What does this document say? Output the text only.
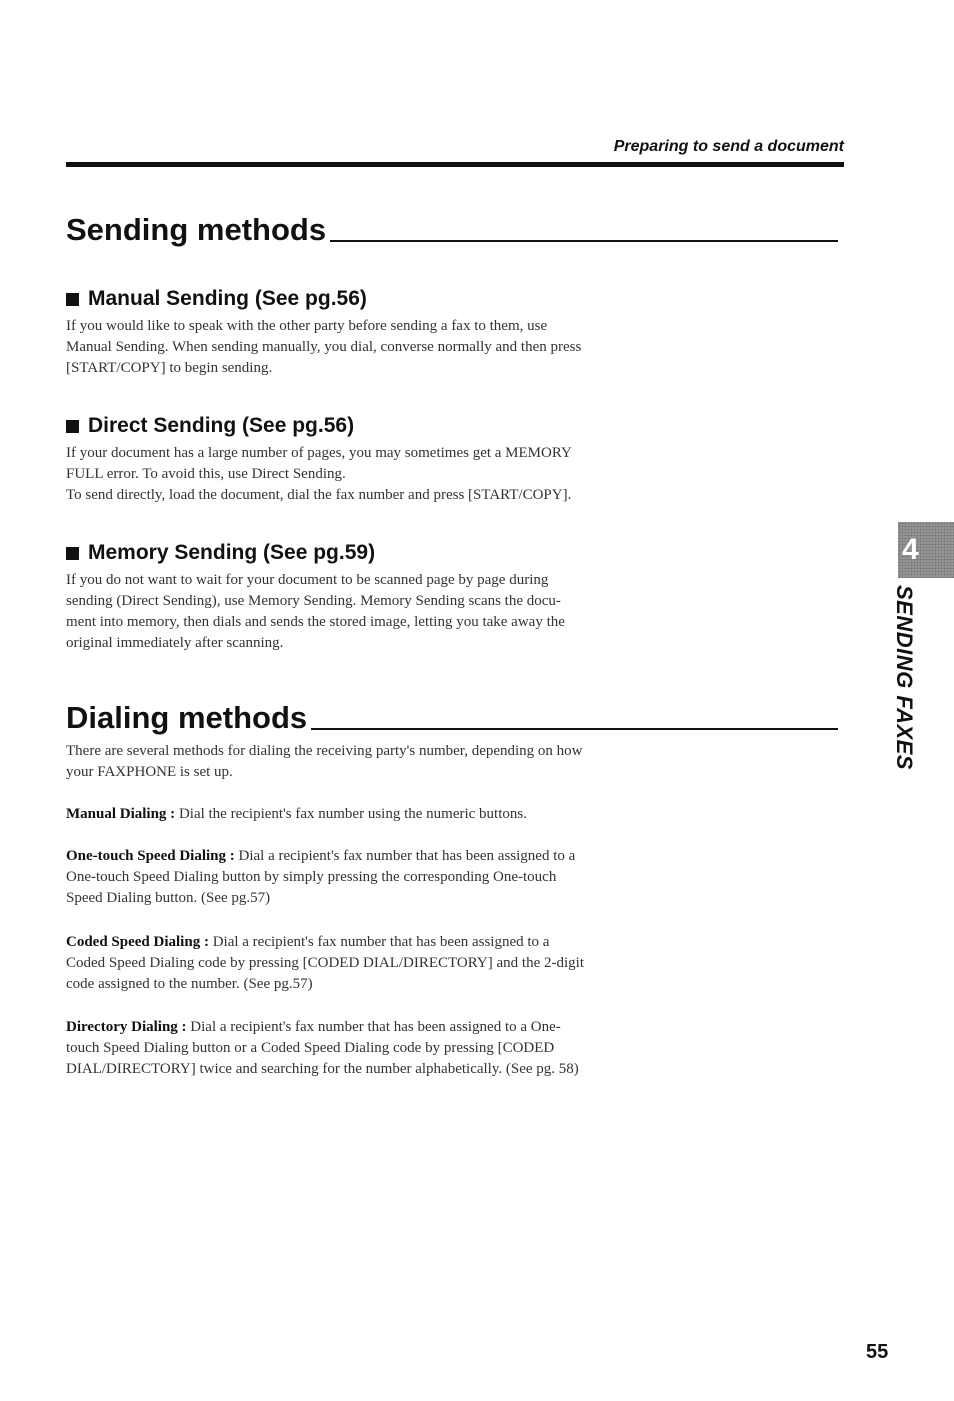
Preparing to send a document
Sending methods
Manual Sending (See pg.56)

If you would like to speak with the other party before sending a fax to them, use
Manual Sending. When sending manually, you dial, converse normally and then press
[START/COPY] to begin sending.

Direct Sending (See pg.56)

If your document has a large number of pages, you may sometimes get a MEMORY
FULL error. To avoid this, use Direct Sending.
To send directly, load the document, dial the fax number and press [START/COPY].

Memory Sending (See pg.59)

If you do not want to wait for your document to be scanned page by page during
sending (Direct Sending), use Memory Sending. Memory Sending scans the docu-
ment into memory, then dials and sends the stored image, letting you take away the
original immediately after scanning.

Dialing methods

There are several methods for dialing the receiving party's number, depending on how
your FAXPHONE is set up.

Manual Dialing : Dial the recipient's fax number using the numeric buttons.

One-touch Speed Dialing : Dial a recipient's fax number that has been assigned to a
One-touch Speed Dialing button by simply pressing the corresponding One-touch
Speed Dialing button. (See pg.57)

Coded Speed Dialing : Dial a recipient's fax number that has been assigned to a
Coded Speed Dialing code by pressing [CODED DIAL/DIRECTORY] and the 2-digit
code assigned to the number. (See pg.57)

Directory Dialing : Dial a recipient's fax number that has been assigned to a One-
touch Speed Dialing button or a Coded Speed Dialing code by pressing [CODED
DIAL/DIRECTORY] twice and searching for the number alphabetically. (See pg. 58)

4
SENDING FAXES
55
